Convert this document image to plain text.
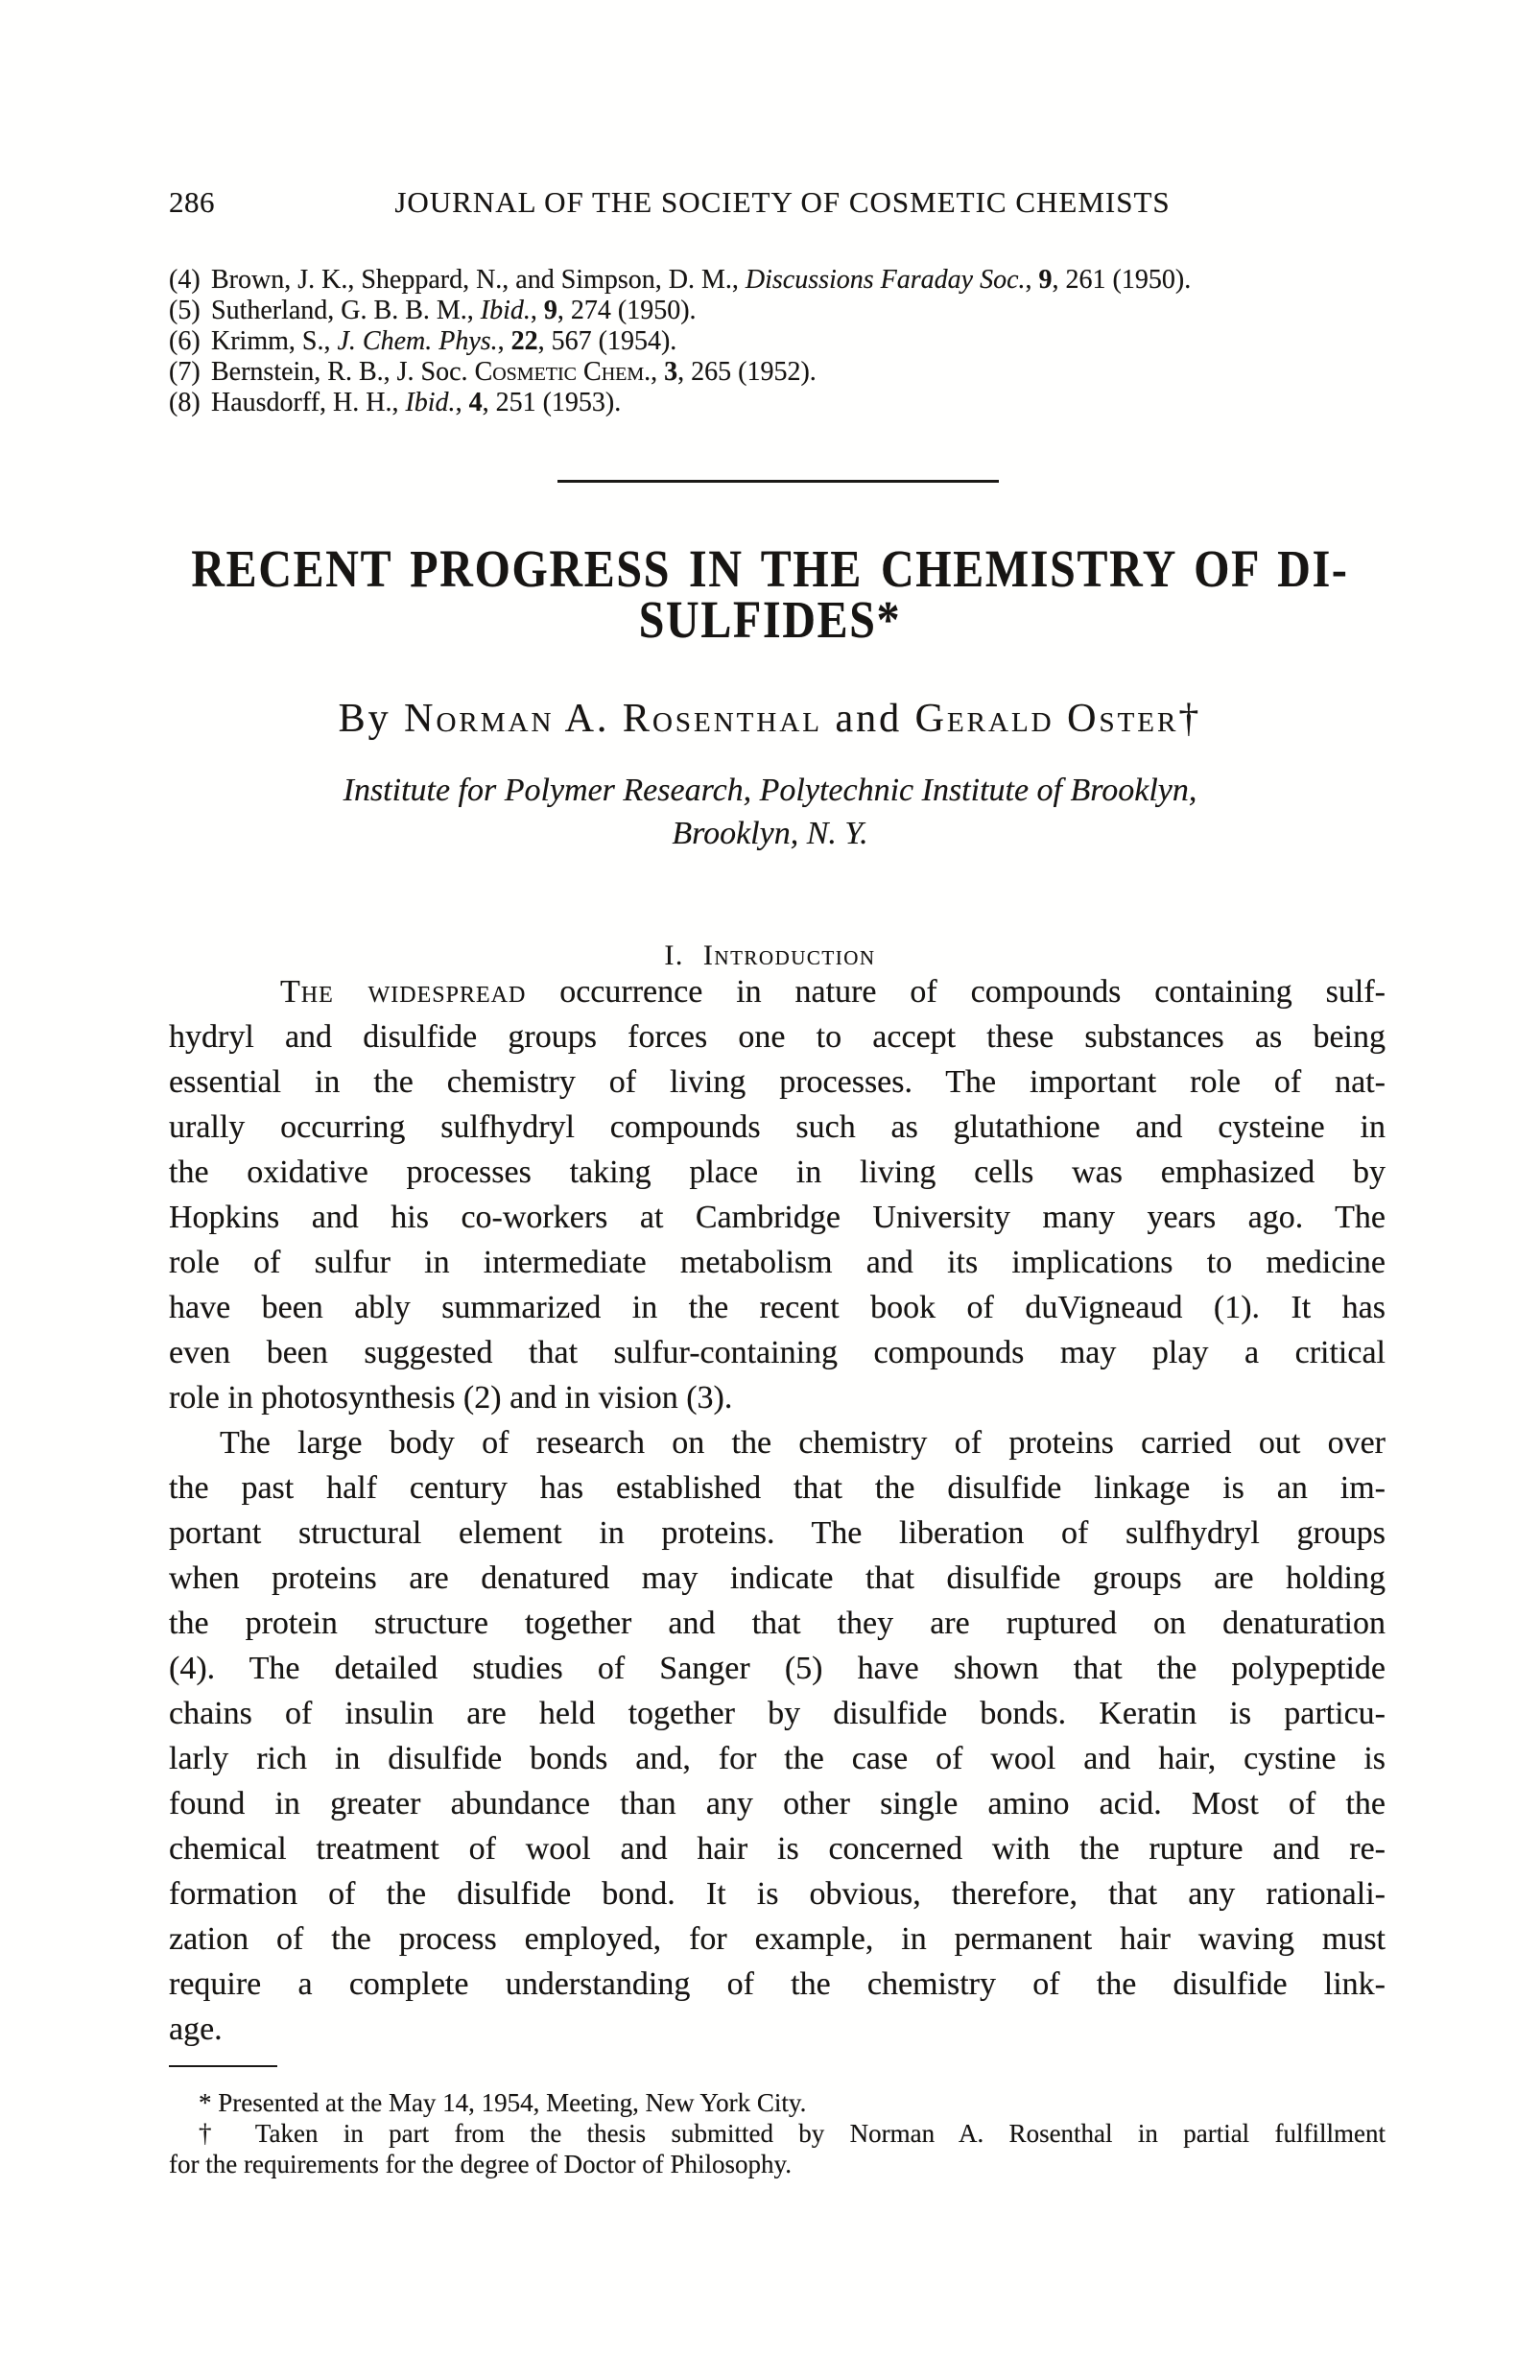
286	JOURNAL OF THE SOCIETY OF COSMETIC CHEMISTS
(4) Brown, J. K., Sheppard, N., and Simpson, D. M., Discussions Faraday Soc., 9, 261 (1950).
(5) Sutherland, G. B. B. M., Ibid., 9, 274 (1950).
(6) Krimm, S., J. Chem. Phys., 22, 567 (1954).
(7) Bernstein, R. B., J. Soc. Cosmetic Chem., 3, 265 (1952).
(8) Hausdorff, H. H., Ibid., 4, 251 (1953).
RECENT PROGRESS IN THE CHEMISTRY OF DI-
SULFIDES*
By Norman A. Rosenthal and Gerald Oster†
Institute for Polymer Research, Polytechnic Institute of Brooklyn,
Brooklyn, N. Y.
I. Introduction
The widespread occurrence in nature of compounds containing sulf-
hydryl and disulfide groups forces one to accept these substances as being
essential in the chemistry of living processes. The important role of nat-
urally occurring sulfhydryl compounds such as glutathione and cysteine in
the oxidative processes taking place in living cells was emphasized by
Hopkins and his co-workers at Cambridge University many years ago. The
role of sulfur in intermediate metabolism and its implications to medicine
have been ably summarized in the recent book of duVigneaud (1). It has
even been suggested that sulfur-containing compounds may play a critical
role in photosynthesis (2) and in vision (3).
The large body of research on the chemistry of proteins carried out over
the past half century has established that the disulfide linkage is an im-
portant structural element in proteins. The liberation of sulfhydryl groups
when proteins are denatured may indicate that disulfide groups are holding
the protein structure together and that they are ruptured on denaturation
(4). The detailed studies of Sanger (5) have shown that the polypeptide
chains of insulin are held together by disulfide bonds. Keratin is particu-
larly rich in disulfide bonds and, for the case of wool and hair, cystine is
found in greater abundance than any other single amino acid. Most of the
chemical treatment of wool and hair is concerned with the rupture and re-
formation of the disulfide bond. It is obvious, therefore, that any rationali-
zation of the process employed, for example, in permanent hair waving must
require a complete understanding of the chemistry of the disulfide link-
age.
* Presented at the May 14, 1954, Meeting, New York City.
† Taken in part from the thesis submitted by Norman A. Rosenthal in partial fulfillment
for the requirements for the degree of Doctor of Philosophy.
